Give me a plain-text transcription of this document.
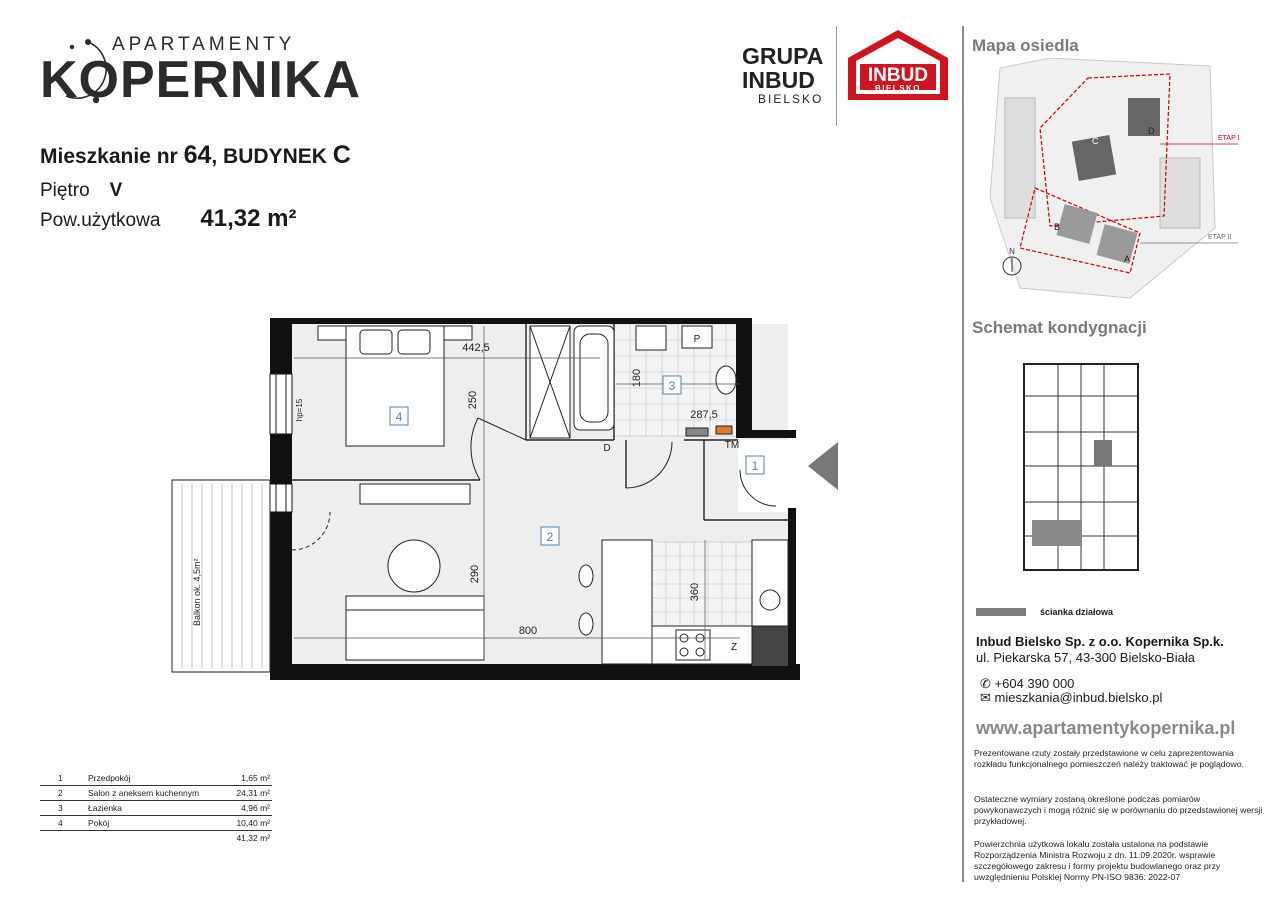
APARTAMENTY
KOPERNIKA	GRUPA
INBUD
BIELSKO
INBUD
BIELSKO
Mieszkanie nr 64, BUDYNEK C
Piętro V
Pow.użytkowa 41,32 m²
442,5
250
180
287,5
290
800
360
1
2
3
4
P
Z
D	TM
hp=15
Balkon ok. 4,5m²
1	Przedpokój	1,65 m²
2	Salon z aneksem kuchennym	24,31 m²
3	Łazienka	4,96 m²
4	Pokój	10,40 m²
		41,32 m²
Mapa osiedla
ETAP I
ETAP II
C
D
B
A
N
Schemat kondygnacji
ścianka działowa
Inbud Bielsko Sp. z o.o. Kopernika Sp.k.
ul. Piekarska 57, 43-300 Bielsko-Biała
✆ +604 390 000
✉ mieszkania@inbud.bielsko.pl
www.apartamentykopernika.pl
Prezentowane rzuty zostały przedstawione w celu zaprezentowania rozkładu funkcjonalnego pomieszczeń należy traktować je poglądowo.
Ostateczne wymiary zostaną określone podczas pomiarów powykonawczych i mogą różnić się w porównaniu do przedstawionej wersji przykładowej.
Powierzchnia użytkowa lokalu została ustalona na podstawie Rozporządzenia Ministra Rozwoju z dn. 11.09.2020r. wsprawie szczegółowego zakresu i formy projektu budowlanego oraz przy uwzględnieniu Polskiej Normy PN-ISO 9836: 2022-07
